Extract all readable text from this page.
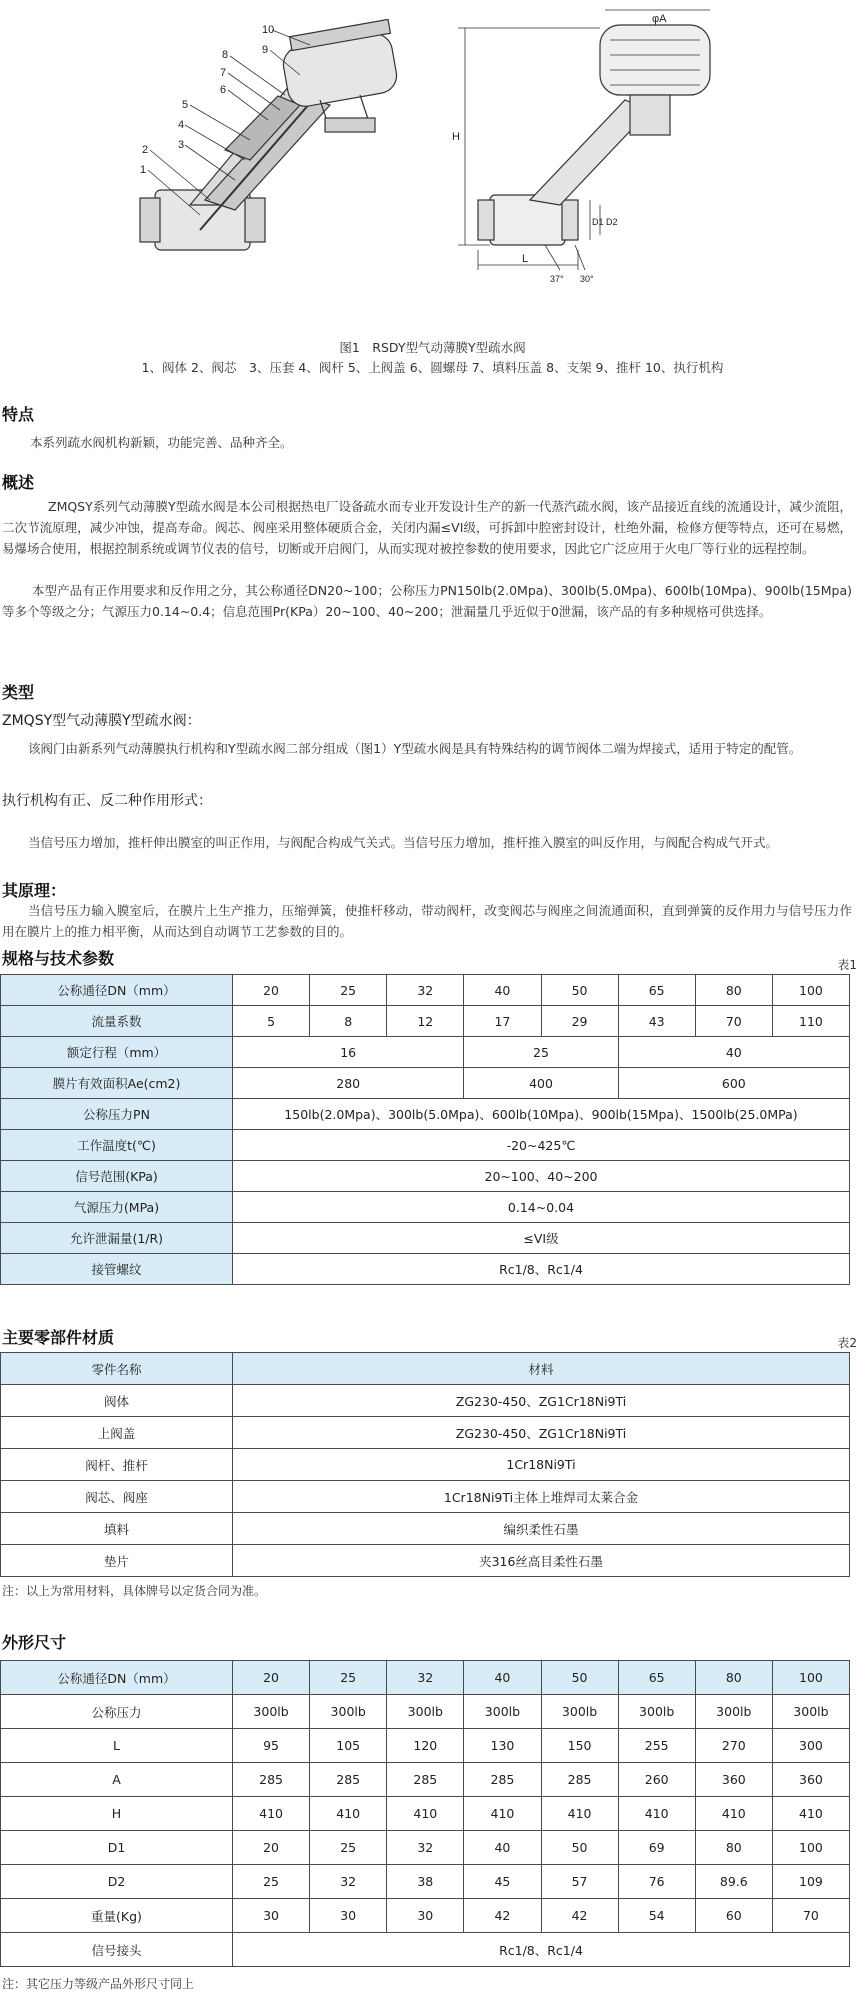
10
9
8
7
6
5
4
3
2
1
H
φA
L
D1 D2
37° 30°
图1　RSDY型气动薄膜Y型疏水阀
1、阀体 2、阀芯　3、压套 4、阀杆 5、上阀盖 6、圆螺母 7、填料压盖 8、支架 9、推杆 10、执行机构
特点
本系列疏水阀机构新颖，功能完善、品种齐全。
概述
ZMQSY系列气动薄膜Y型疏水阀是本公司根据热电厂设备疏水而专业开发设计生产的新一代蒸汽疏水阀，该产品接近直线的流通设计，减少流阻，二次节流原理，减少冲蚀，提高寿命。阀芯、阀座采用整体硬质合金，关闭内漏≤VI级，可拆卸中腔密封设计，杜绝外漏，检修方便等特点，还可在易燃，易爆场合使用，根据控制系统或调节仪表的信号，切断或开启阀门，从而实现对被控参数的使用要求，因此它广泛应用于火电厂等行业的远程控制。
本型产品有正作用要求和反作用之分，其公称通径DN20~100；公称压力PN150lb(2.0Mpa)、300lb(5.0Mpa)、600lb(10Mpa)、900lb(15Mpa)等多个等级之分；气源压力0.14~0.4；信息范围Pr(KPa）20~100、40~200；泄漏量几乎近似于0泄漏，该产品的有多种规格可供选择。
类型
ZMQSY型气动薄膜Y型疏水阀：
该阀门由新系列气动薄膜执行机构和Y型疏水阀二部分组成（图1）Y型疏水阀是具有特殊结构的调节阀体二端为焊接式，适用于特定的配管。
执行机构有正、反二种作用形式：
当信号压力增加，推杆伸出膜室的叫正作用，与阀配合构成气关式。当信号压力增加，推杆推入膜室的叫反作用，与阀配合构成气开式。
其原理：
当信号压力输入膜室后，在膜片上生产推力，压缩弹簧，使推杆移动，带动阀杆，改变阀芯与阀座之间流通面积，直到弹簧的反作用力与信号压力作用在膜片上的推力相平衡，从而达到自动调节工艺参数的目的。
规格与技术参数	表1
公称通径DN（mm）	20	25	32	40	50	65	80	100
流量系数	5	8	12	17	29	43	70	110
额定行程（mm）	16			25		40		
膜片有效面积Ae(cm2)	280			400		600		
公称压力PN	150lb(2.0Mpa)、300lb(5.0Mpa)、600lb(10Mpa)、900lb(15Mpa)、1500lb(25.0MPa)							
工作温度t(℃)	-20~425℃							
信号范围(KPa)	20~100、40~200							
气源压力(MPa)	0.14~0.04							
允许泄漏量(1/R)	≤VI级							
接管螺纹	Rc1/8、Rc1/4							
主要零部件材质	表2
零件名称	材料
阀体	ZG230-450、ZG1Cr18Ni9Ti
上阀盖	ZG230-450、ZG1Cr18Ni9Ti
阀杆、推杆	1Cr18Ni9Ti
阀芯、阀座	1Cr18Ni9Ti主体上堆焊司太莱合金
填料	编织柔性石墨
垫片	夹316丝高目柔性石墨
注：以上为常用材料，具体牌号以定货合同为准。
外形尺寸
公称通径DN（mm）	20	25	32	40	50	65	80	100
公称压力	300lb	300lb	300lb	300lb	300lb	300lb	300lb	300lb
L	95	105	120	130	150	255	270	300
A	285	285	285	285	285	260	360	360
H	410	410	410	410	410	410	410	410
D1	20	25	32	40	50	69	80	100
D2	25	32	38	45	57	76	89.6	109
重量(Kg)	30	30	30	42	42	54	60	70
信号接头	Rc1/8、Rc1/4							
注：其它压力等级产品外形尺寸同上
